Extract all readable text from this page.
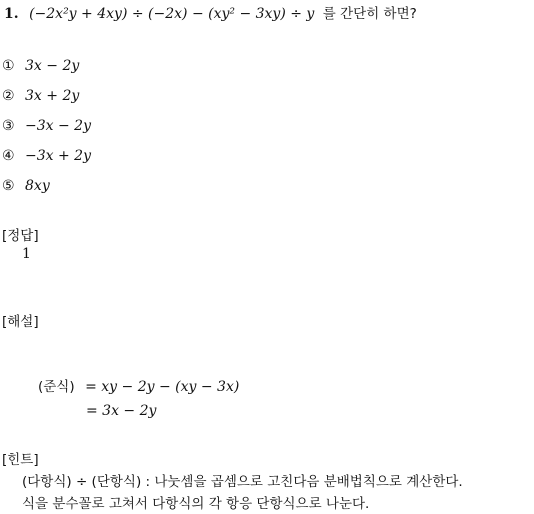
1. (−2x²y + 4xy) ÷ (−2x) − (xy² − 3xy) ÷ y 를 간단히 하면?
① 3x − 2y
② 3x + 2y
③ −3x − 2y
④ −3x + 2y
⑤ 8xy
[정답]
1
[해설]
(준식) = xy − 2y − (xy − 3x)
= 3x − 2y
[힌트]
(다항식) ÷ (단항식) : 나눗셈을 곱셈으로 고친다음 분배법칙으로 계산한다.
식을 분수꼴로 고쳐서 다항식의 각 항응 단항식으로 나눈다.
